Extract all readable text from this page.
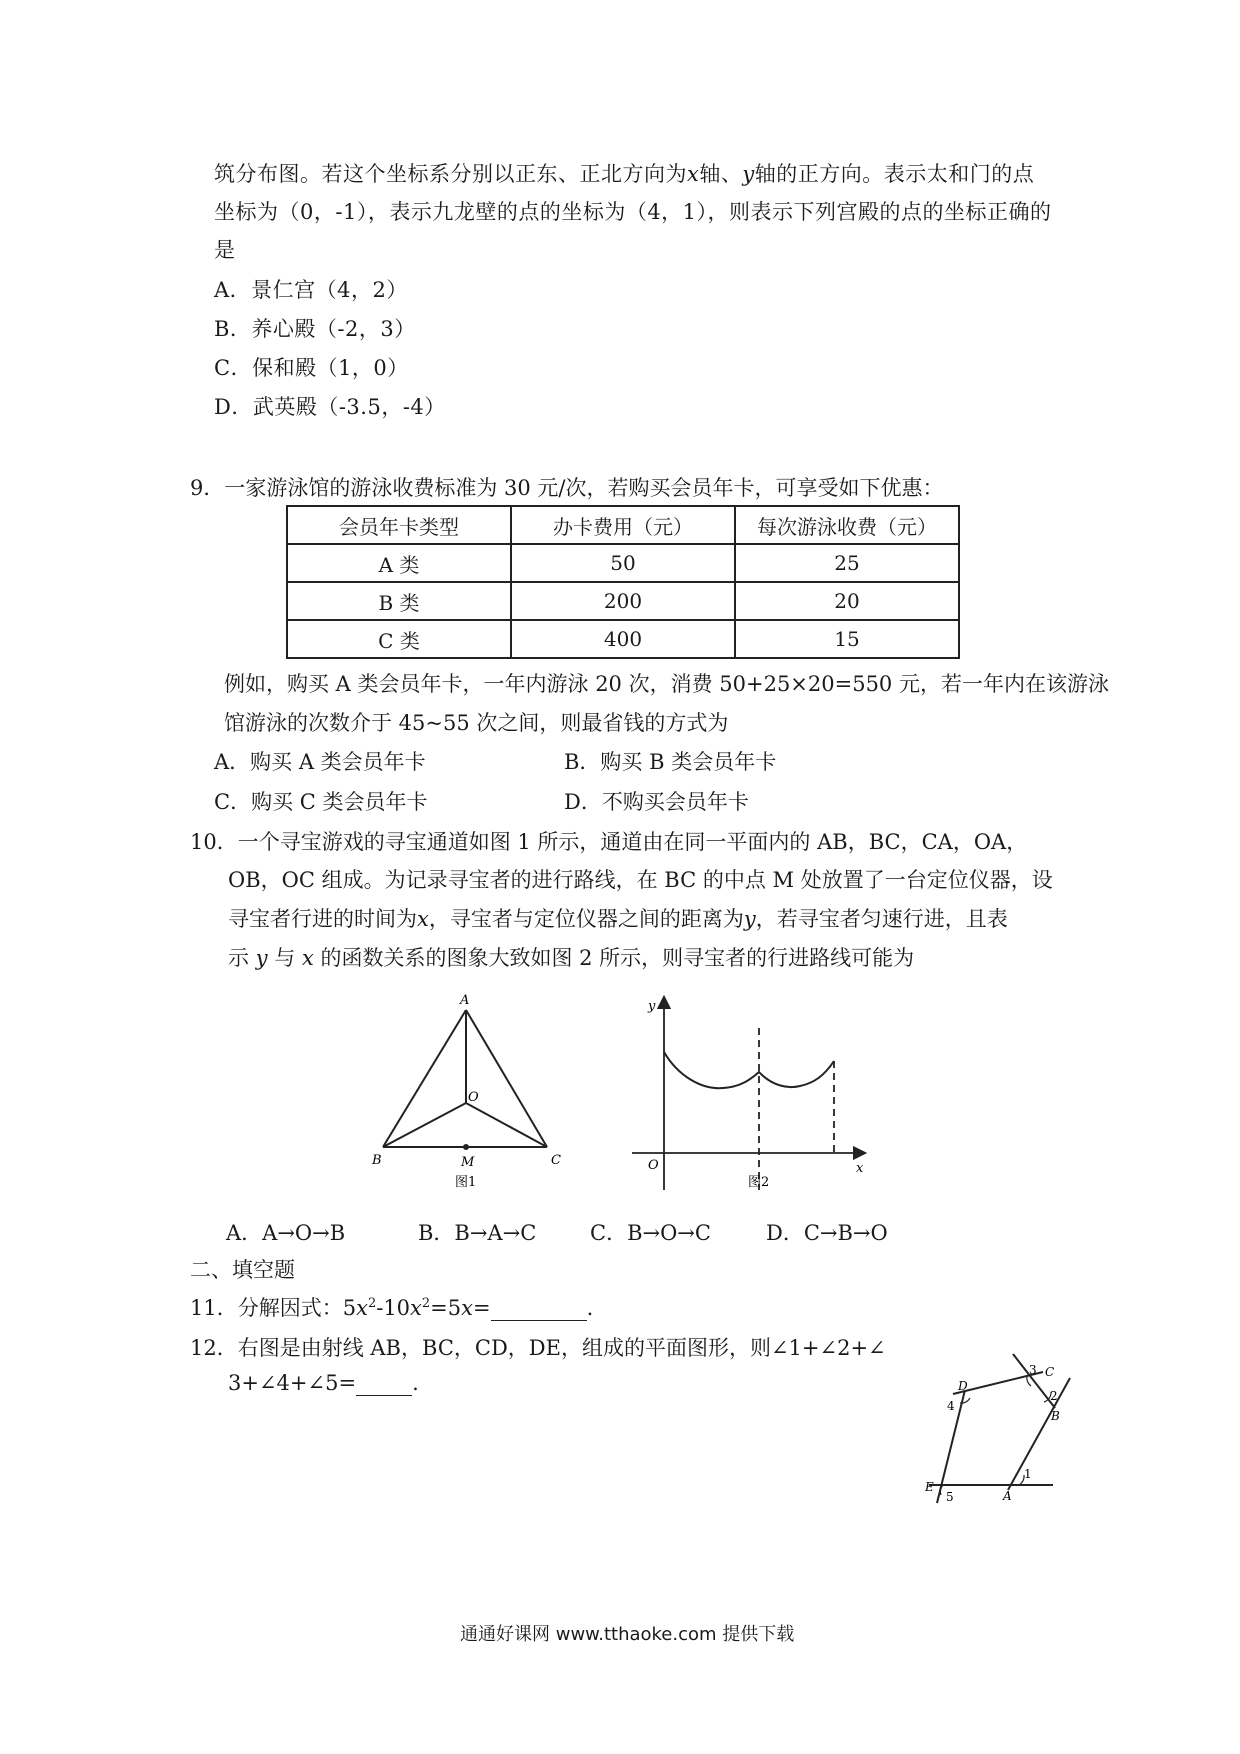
筑分布图。若这个坐标系分别以正东、正北方向为x轴、y轴的正方向。表示太和门的点
坐标为（0，-1），表示九龙壁的点的坐标为（4，1），则表示下列宫殿的点的坐标正确的
是
A．景仁宫（4，2）
B．养心殿（-2，3）
C．保和殿（1，0）
D．武英殿（-3.5，-4）
9．一家游泳馆的游泳收费标准为 30 元/次，若购买会员年卡，可享受如下优惠：
会员年卡类型	办卡费用（元）	每次游泳收费（元）
A 类	50	25
B 类	200	20
C 类	400	15
例如，购买 A 类会员年卡，一年内游泳 20 次，消费 50+25×20=550 元，若一年内在该游泳
馆游泳的次数介于 45~55 次之间，则最省钱的方式为
A．购买 A 类会员年卡	B．购买 B 类会员年卡
C．购买 C 类会员年卡	D．不购买会员年卡
10．一个寻宝游戏的寻宝通道如图 1 所示，通道由在同一平面内的 AB，BC，CA，OA，
OB，OC 组成。为记录寻宝者的进行路线，在 BC 的中点 M 处放置了一台定位仪器，设
寻宝者行进的时间为x，寻宝者与定位仪器之间的距离为y，若寻宝者匀速行进，且表
示 y 与 x 的函数关系的图象大致如图 2 所示，则寻宝者的行进路线可能为
A
B	C
O
M
图1
y
x
O
图2
A．A→O→B	B．B→A→C	C．B→O→C	D．C→B→O
二、填空题
11．分解因式：$5x^2-10x^2=5x=$	.
12．右图是由射线 AB，BC，CD，DE，组成的平面图形，则∠1+∠2+∠
3+∠4+∠5=	.	C
3
D
4
2
B
1
A
E
5
通通好课网 www.tthaoke.com 提供下载
